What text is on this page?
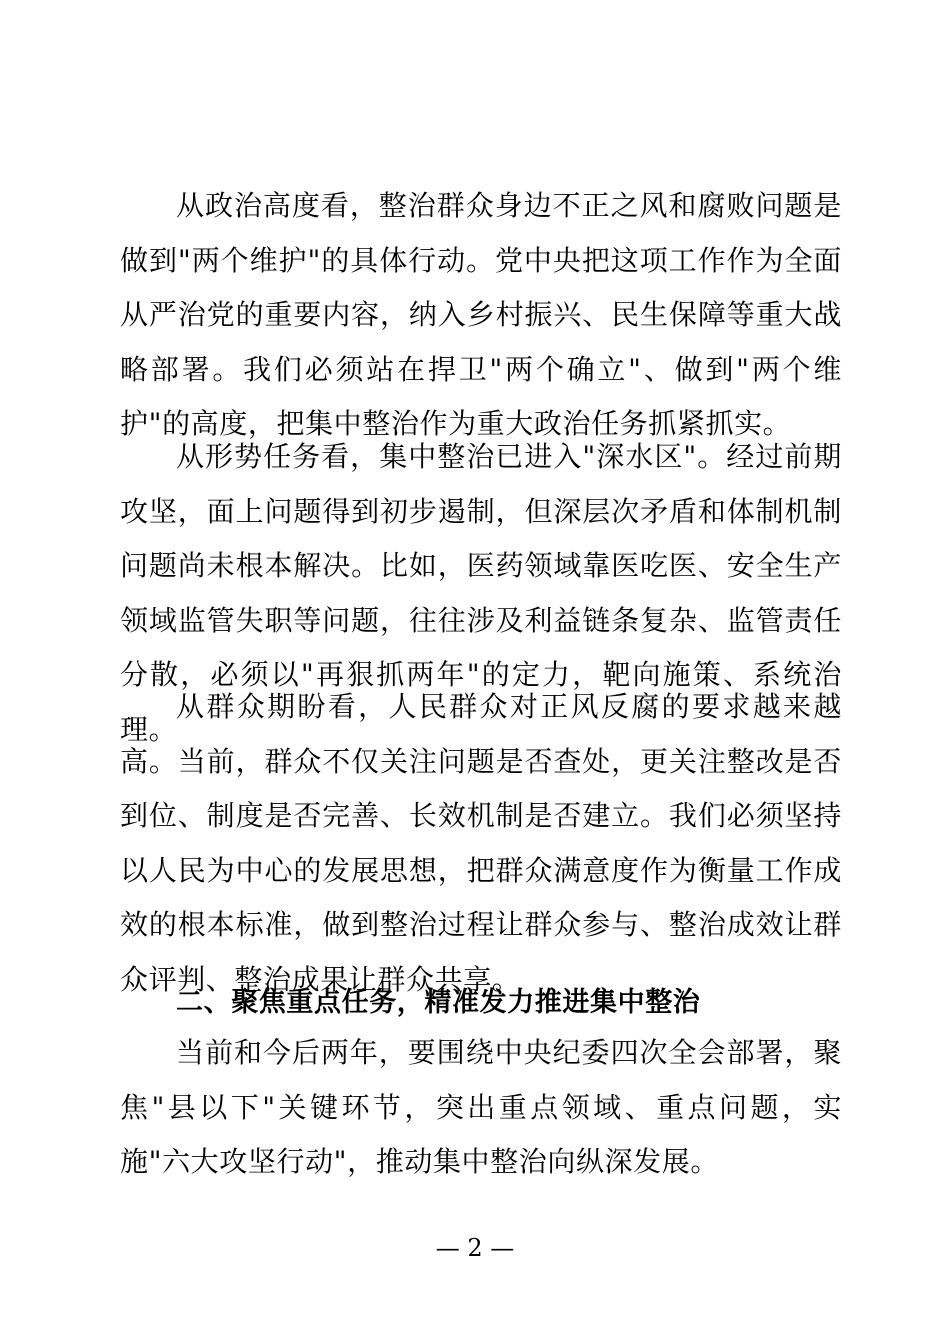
从政治高度看，整治群众身边不正之风和腐败问题是做到"两个维护"的具体行动。党中央把这项工作作为全面从严治党的重要内容，纳入乡村振兴、民生保障等重大战略部署。我们必须站在捍卫"两个确立"、做到"两个维护"的高度，把集中整治作为重大政治任务抓紧抓实。

从形势任务看，集中整治已进入"深水区"。经过前期攻坚，面上问题得到初步遏制，但深层次矛盾和体制机制问题尚未根本解决。比如，医药领域靠医吃医、安全生产领域监管失职等问题，往往涉及利益链条复杂、监管责任分散，必须以"再狠抓两年"的定力，靶向施策、系统治理。

从群众期盼看，人民群众对正风反腐的要求越来越高。当前，群众不仅关注问题是否查处，更关注整改是否到位、制度是否完善、长效机制是否建立。我们必须坚持以人民为中心的发展思想，把群众满意度作为衡量工作成效的根本标准，做到整治过程让群众参与、整治成效让群众评判、整治成果让群众共享。

二、聚焦重点任务，精准发力推进集中整治

当前和今后两年，要围绕中央纪委四次全会部署，聚焦"县以下"关键环节，突出重点领域、重点问题，实施"六大攻坚行动"，推动集中整治向纵深发展。

— 2 —
